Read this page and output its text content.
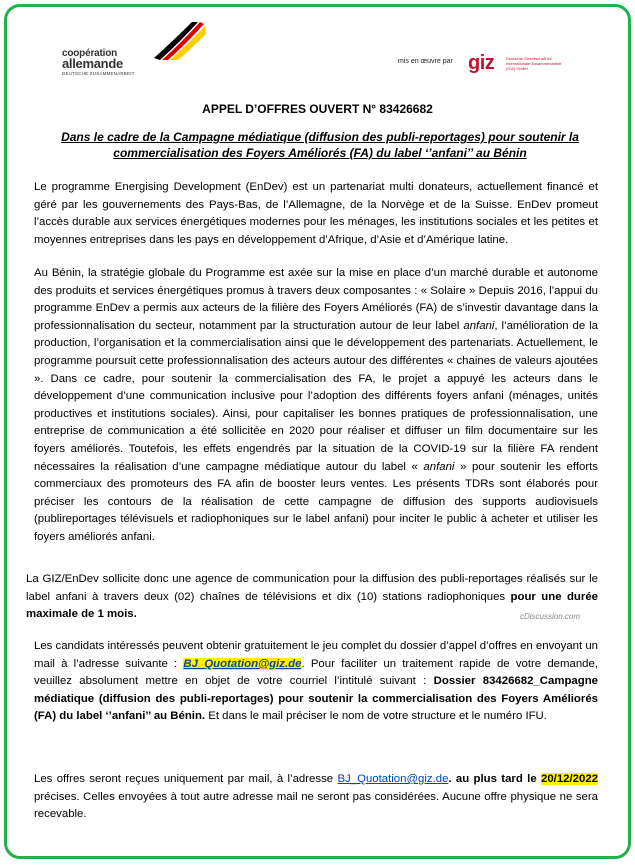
coopération
allemande
DEUTSCHE ZUSAMMENARBEIT
mis en œuvre par giz	Deutsche Gesellschaft für Internationale Zusammenarbeit (GIZ) GmbH
APPEL D’OFFRES OUVERT N° 83426682
Dans le cadre de la Campagne médiatique (diffusion des publi-reportages) pour soutenir la commercialisation des Foyers Améliorés (FA) du label ‘’anfani’’ au Bénin

Le programme Energising Development (EnDev) est un partenariat multi donateurs, actuellement financé et géré par les gouvernements des Pays-Bas, de l’Allemagne, de la Norvège et de la Suisse. EnDev promeut l’accès durable aux services énergétiques modernes pour les ménages, les institutions sociales et les petites et moyennes entreprises dans les pays en développement d’Afrique, d’Asie et d’Amérique latine.

Au Bénin, la stratégie globale du Programme est axée sur la mise en place d’un marché durable et autonome des produits et services énergétiques promus à travers deux composantes : « Solaire » Depuis 2016, l’appui du programme EnDev a permis aux acteurs de la filière des Foyers Améliorés (FA) de s’investir davantage dans la professionnalisation du secteur, notamment par la structuration autour de leur label anfani, l’amélioration de la production, l’organisation et la commercialisation ainsi que le développement des partenariats. Actuellement, le programme poursuit cette professionnalisation des acteurs autour des différentes « chaines de valeurs ajoutées ». Dans ce cadre, pour soutenir la commercialisation des FA, le projet a appuyé les acteurs dans le développement d’une communication inclusive pour l’adoption des différents foyers anfani (ménages, unités productives et institutions sociales). Ainsi, pour capitaliser les bonnes pratiques de professionnalisation, une entreprise de communication a été sollicitée en 2020 pour réaliser et diffuser un film documentaire sur les foyers améliorés. Toutefois, les effets engendrés par la situation de la COVID-19 sur la filière FA rendent nécessaires la réalisation d’une campagne médiatique autour du label « anfani » pour soutenir les efforts commerciaux des promoteurs des FA afin de booster leurs ventes. Les présents TDRs sont élaborés pour préciser les contours de la réalisation de cette campagne de diffusion des supports audiovisuels (publireportages télévisuels et radiophoniques sur le label anfani) pour inciter le public à acheter et utiliser les foyers améliorés anfani.

La GIZ/EnDev sollicite donc une agence de communication pour la diffusion des publi-reportages réalisés sur le label anfani à travers deux (02) chaînes de télévisions et dix (10) stations radiophoniques pour une durée maximale de 1 mois.	cDiscussion.com

Les candidats intéressés peuvent obtenir gratuitement le jeu complet du dossier d’appel d’offres en envoyant un mail à l’adresse suivante : BJ_Quotation@giz.de. Pour faciliter un traitement rapide de votre demande, veuillez absolument mettre en objet de votre courriel l’intitulé suivant : Dossier 83426682_Campagne médiatique (diffusion des publi-reportages) pour soutenir la commercialisation des Foyers Améliorés (FA) du label ‘’anfani’’ au Bénin. Et dans le mail préciser le nom de votre structure et le numéro IFU.

Les offres seront reçues uniquement par mail, à l’adresse BJ_Quotation@giz.de. au plus tard le 20/12/2022 précises. Celles envoyées à tout autre adresse mail ne seront pas considérées. Aucune offre physique ne sera recevable.
